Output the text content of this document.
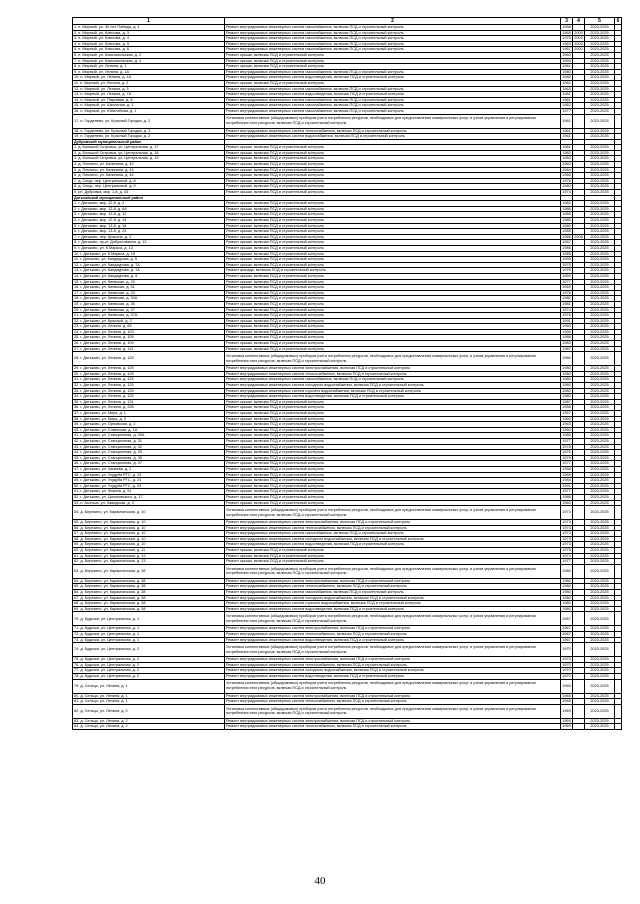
1	2	3	4	5	6
1. п. Мирный, ул. 30 лет Победы, д. 1	Ремонт внутридомовых инженерных систем газоснабжения, включая ПСД и строительный контроль	1958		2023-2025	
2. п. Мирный, ул. Клюсова, д. 3	Ремонт внутридомовых инженерных систем газоснабжения, включая ПСД и строительный контроль	1965	2003	2023-2025	
3. п. Мирный, ул. Клюсова, д. 4	Ремонт внутридомовых инженерных систем газоснабжения, включая ПСД и строительный контроль	1975	2002	2023-2025	
4. п. Мирный, ул. Клюсова, д. 5	Ремонт внутридомовых инженерных систем газоснабжения, включая ПСД и строительный контроль	1963	2003	2023-2025	
5. п. Мирный, ул. Клюсова, д. 6	Ремонт внутридомовых инженерных систем газоснабжения, включая ПСД и строительный контроль	1967	2002	2023-2025	
6. п. Мирный, ул. Комсомольская, д. 2	Ремонт крыши, включая ПСД и строительный контроль	1960		2023-2025	
7. п. Мирный, ул. Комсомольская, д. 4	Ремонт крыши, включая ПСД и строительный контроль	1959		2023-2025	
8. п. Мирный, ул. Ленина, д. 1	Ремонт крыши, включая ПСД и строительный контроль	1961		2023-2025	
9. п. Мирный, ул. Ленина, д. 1А	Ремонт внутридомовых инженерных систем газоснабжения, включая ПСД и строительный контроль	1980		2023-2025	
10. п. Мирный, ул. Ленина, д. 1А	Ремонт внутридомовых инженерных систем водоотведения, включая ПСД и строительный контроль	1980		2023-2025	
11. п. Мирный, ул. Ленина, д. 2	Ремонт крыши, включая ПСД и строительный контроль	1962		2023-2025	
12. п. Мирный, ул. Ленина, д. 5	Ремонт внутридомовых инженерных систем газоснабжения, включая ПСД и строительный контроль	1963		2023-2025	
13. п. Мирный, ул. Ленина, д. 7А	Ремонт внутридомовых инженерных систем водоотведения, включая ПСД и строительный контроль	1981		2023-2025	
14. п. Мирный, ул. Парковая, д. 8	Ремонт внутридомовых инженерных систем газоснабжения, включая ПСД и строительный контроль	1961		2023-2025	
15. п. Мирный, ул. Школьная, д. 1	Ремонт внутридомовых инженерных систем газоснабжения, включая ПСД и строительный контроль	1962		2023-2025	
16. п. Мирный, ул. Юбилейная, д. 1	Ремонт внутридомовых инженерных систем газоснабжения, включая ПСД и строительный контроль	1977		2023-2025	
17. п. Горденево, ул. Красный Городок, д. 2	Установка коллективных (общедомовых) приборов учета потребления ресурсов, необходимых для предоставления коммунальных услуг, и узлов управления и регулирования потребления этих ресурсов, включая ПСД и строительный контроль	1961		2023-2025	
18. п. Горденево, ул. Красный Городок, д. 2	Ремонт внутридомовых инженерных систем теплоснабжения, включая ПСД и строительный контроль	1961		2023-2025	
19. п. Горденево, ул. Красный Городок, д. 2	Ремонт внутридомовых инженерных систем водоснабжения, включая ПСД и строительный контроль	1961		2023-2025	
Дубровский муниципальный район					
1. д. Большой Островок, ул. Центральная, д. 17	Ремонт крыши, включая ПСД и строительный контроль	1981		2023-2025	
2. д. Большой Островок, ул. Центральная, д. 18	Ремонт крыши, включая ПСД и строительный контроль	1982		2023-2025	
3. д. Большой Островок, ул. Центральная, д. 19	Ремонт крыши, включая ПСД и строительный контроль	1983		2023-2025	
4. д. Пеклино, ул. Калинина, д. 42	Ремонт крыши, включая ПСД и строительный контроль	1960		2023-2025	
5. д. Пеклино, ул. Калинина, д. 43	Ремонт крыши, включая ПСД и строительный контроль	1964		2023-2025	
6. д. Пеклино, ул. Калинина, д. 44	Ремонт крыши, включая ПСД и строительный контроль	1966		2023-2025	
7. д. Сещь, пер. Центральный, д. 8	Ремонт крыши, включая ПСД и строительный контроль	1978		2023-2025	
8. д. Сещь, пер. Центральный, д. 9	Ремонт крыши, включая ПСД и строительный контроль	1980		2023-2025	
9. рп. Дубровка, мкр. 1-й, д. 43	Ремонт крыши, включая ПСД и строительный контроль	1974		2023-2025	
Дятьковский муниципальный район					
1. г. Дятьково, мкр. 12-й, д. 2	Ремонт крыши, включая ПСД и строительный контроль	1982		2023-2025	
2. г. Дятьково, мкр. 12-й, д. 6А	Ремонт крыши, включая ПСД и строительный контроль	1986		2023-2025	
3. г. Дятьково, мкр. 12-й, д. 12	Ремонт крыши, включая ПСД и строительный контроль	1986		2023-2025	
4. г. Дятьково, мкр. 12-й, д. 14	Ремонт крыши, включая ПСД и строительный контроль	1985		2023-2025	
5. г. Дятьково, мкр. 13-й, д. 18	Ремонт крыши, включая ПСД и строительный контроль	1980		2023-2025	
6. г. Дятьково, мкр. 13-й, д. 23	Ремонт крыши, включая ПСД и строительный контроль	1985		2023-2025	
7. г. Дятьково, пер. Красина, д. 2	Ремонт крыши, включая ПСД и строительный контроль	1966	2008	2023-2025	
8. г. Дятьково, пр-кт. Доброславина, д. 12	Ремонт крыши, включая ПСД и строительный контроль	1957		2023-2025	
9. г. Дятьково, ул. К.Маркса, д. 13	Ремонт крыши, включая ПСД и строительный контроль	1986		2023-2025	
10. г. Дятьково, ул. К.Маркса, д. 15	Ремонт крыши, включая ПСД и строительный контроль	1985		2023-2025	
11. г. Дятьково, ул. Кандаурова, д. 5	Ремонт крыши, включая ПСД и строительный контроль	1993		2023-2025	
12. г. Дятьково, ул. Кандаурова, д. 7А	Ремонт крыши, включая ПСД и строительный контроль	1975		2023-2025	
13. г. Дятьково, ул. Кандаурова, д. 7А	Ремонт фасада, включая ПСД и строительный контроль	1976		2023-2025	
14. г. Дятьково, ул. Кандаурова, д. 9	Ремонт крыши, включая ПСД и строительный контроль	1959		2023-2025	
15. г. Дятьково, ул. Киевская, д. 29	Ремонт крыши, включая ПСД и строительный контроль	1977		2023-2025	
16. г. Дятьково, ул. Киевская, д. 31	Ремонт крыши, включая ПСД и строительный контроль	1969		2023-2025	
17. г. Дятьково, ул. Киевская, д. 33	Ремонт крыши, включая ПСД и строительный контроль	1978		2023-2025	
18. г. Дятьково, ул. Киевская, д. 33А	Ремонт крыши, включая ПСД и строительный контроль	1980		2023-2025	
19. г. Дятьково, ул. Киевская, д. 35	Ремонт крыши, включая ПСД и строительный контроль	1981		2023-2025	
20. г. Дятьково, ул. Киевская, д. 37	Ремонт крыши, включая ПСД и строительный контроль	1974		2023-2025	
21. г. Дятьково, ул. Киевская, д. 37А	Ремонт крыши, включая ПСД и строительный контроль	1976		2023-2025	
22. г. Дятьково, ул. Красный, д. 2	Ремонт крыши, включая ПСД и строительный контроль	1991		2023-2025	
23. г. Дятьково, ул. Ленина, д. 65	Ремонт крыши, включая ПСД и строительный контроль	1960		2023-2025	
24. г. Дятьково, ул. Ленина, д. 103	Ремонт крыши, включая ПСД и строительный контроль	1990		2023-2025	
25. г. Дятьково, ул. Ленина, д. 105	Ремонт крыши, включая ПСД и строительный контроль	1988		2023-2025	
26. г. Дятьково, ул. Ленина, д. 109	Ремонт крыши, включая ПСД и строительный контроль	1983		2023-2025	
27. г. Дятьково, ул. Ленина, д. 113	Ремонт крыши, включая ПСД и строительный контроль	1987		2023-2025	
28. г. Дятьково, ул. Ленина, д. 125	Установка коллективных (общедомовых) приборов учета потребления ресурсов, необходимых для предоставления коммунальных услуг, и узлов управления и регулирования потребления этих ресурсов, включая ПСД и строительный контроль	1980		2023-2025	
29. г. Дятьково, ул. Ленина, д. 125	Ремонт внутридомовых инженерных систем электроснабжения, включая ПСД и строительный контроль	1980		2023-2025	
30. г. Дятьково, ул. Ленина, д. 125	Ремонт внутридомовых инженерных систем теплоснабжения, включая ПСД и строительный контроль	1980		2023-2025	
31. г. Дятьково, ул. Ленина, д. 125	Ремонт внутридомовых инженерных систем газоснабжения, включая ПСД и строительный контроль	1980		2023-2025	
32. г. Дятьково, ул. Ленина, д. 125	Ремонт внутридомовых инженерных систем холодного водоснабжения, включая ПСД и строительный контроль	1980		2023-2025	
33. г. Дятьково, ул. Ленина, д. 125	Ремонт внутридомовых инженерных систем горячего водоснабжения, включая ПСД и строительный контроль	1980		2023-2025	
34. г. Дятьково, ул. Ленина, д. 125	Ремонт внутридомовых инженерных систем водоотведения, включая ПСД и строительный контроль	1980		2023-2025	
35. г. Дятьково, ул. Ленина, д. 131	Ремонт крыши, включая ПСД и строительный контроль	1987		2023-2025	
36. г. Дятьково, ул. Ленина, д. 228	Ремонт крыши, включая ПСД и строительный контроль	1958		2023-2025	
37. г. Дятьково, ул. Мира, д. 1	Ремонт крыши, включая ПСД и строительный контроль	1957		2023-2025	
38. г. Дятьково, ул. Мира, д. 3	Ремонт крыши, включая ПСД и строительный контроль	1960		2023-2025	
39. г. Дятьково, ул. Орловская, д. 2	Ремонт крыши, включая ПСД и строительный контроль	1963		2023-2025	
40. г. Дятьково, ул. Советская, д. 1А	Ремонт крыши, включая ПСД и строительный контроль	1960		2023-2025	
41. г. Дятьково, ул. Станционная, д. 30А	Ремонт крыши, включая ПСД и строительный контроль	1980		2023-2025	
42. г. Дятьково, ул. Станционная, д. 31	Ремонт крыши, включая ПСД и строительный контроль	1977		2023-2025	
43. г. Дятьково, ул. Станционная, д. 32	Ремонт крыши, включая ПСД и строительный контроль	1978		2023-2025	
44. г. Дятьково, ул. Станционная, д. 33	Ремонт крыши, включая ПСД и строительный контроль	1976		2023-2025	
45. г. Дятьково, ул. Станционная, д. 35	Ремонт крыши, включая ПСД и строительный контроль	1979		2023-2025	
46. г. Дятьково, ул. Станционная, д. 37	Ремонт крыши, включая ПСД и строительный контроль	1977		2023-2025	
47. г. Дятьково, ул. Чапаева, д. 2	Ремонт крыши, включая ПСД и строительный контроль	1958		2023-2025	
48. г. Дятьково, ул. Ухудуба РТС, д. 23	Ремонт крыши, включая ПСД и строительный контроль	1989		2023-2025	
49. г. Дятьково, ул. Ухудуба РТС, д. 24	Ремонт крыши, включая ПСД и строительный контроль	1984		2023-2025	
50. г. Дятьково, ул. Ухудуба РТС, д. 25	Ремонт крыши, включая ПСД и строительный контроль	1991		2023-2025	
51. г. Дятьково, ул. Фокина, д. 91	Ремонт крыши, включая ПСД и строительный контроль	1977		2023-2025	
52. г. Дятьково, ул. Циолковского, д. 17	Ремонт крыши, включая ПСД и строительный контроль	1986		2023-2025	
53. п. Бытошь, ул. Заводская, д. 3	Ремонт крыши, включая ПСД и строительный контроль	1960		2023-2025	
54. д. Березино, ул. Карамчичская, д. 10	Установка коллективных (общедомовых) приборов учета потребления ресурсов, необходимых для предоставления коммунальных услуг, и узлов управления и регулирования потребления этих ресурсов, включая ПСД и строительный контроль	1973		2023-2025	
55. д. Березино, ул. Карамчичская, д. 10	Ремонт внутридомовых инженерных систем электроснабжения, включая ПСД и строительный контроль	1973		2023-2025	
56. д. Березино, ул. Карамчичская, д. 10	Ремонт внутридомовых инженерных систем теплоснабжения, включая ПСД и строительный контроль	1973		2023-2025	
57. д. Березино, ул. Карамчичская, д. 10	Ремонт внутридомовых инженерных систем газоснабжения, включая ПСД и строительный контроль	1973		2023-2025	
58. д. Березино, ул. Карамчичская, д. 10	Ремонт внутридомовых инженерных систем холодного водоснабжения, включая ПСД и строительный контроль	1973		2023-2025	
59. д. Березино, ул. Карамчичская, д. 10	Ремонт внутридомовых инженерных систем водоотведения, включая ПСД и строительный контроль	1973		2023-2025	
60. д. Березино, ул. Карамчичская, д. 11	Ремонт крыши, включая ПСД и строительный контроль	1975		2023-2025	
61. д. Березино, ул. Карамчичская, д. 12	Ремонт крыши, включая ПСД и строительный контроль	1974		2023-2025	
62. д. Березино, ул. Карамчичская, д. 13	Ремонт крыши, включая ПСД и строительный контроль	1977		2023-2025	
63. д. Березино, ул. Карамчичская, д. 38	Установка коллективных (общедомовых) приборов учета потребления ресурсов, необходимых для предоставления коммунальных услуг, и узлов управления и регулирования потребления этих ресурсов, включая ПСД и строительный контроль	1980		2023-2025	
64. д. Березино, ул. Карамчичская, д. 38	Ремонт внутридомовых инженерных систем электроснабжения, включая ПСД и строительный контроль	1980		2023-2025	
65. д. Березино, ул. Карамчичская, д. 38	Ремонт внутридомовых инженерных систем теплоснабжения, включая ПСД и строительный контроль	1980		2023-2025	
66. д. Березино, ул. Карамчичская, д. 38	Ремонт внутридомовых инженерных систем газоснабжения, включая ПСД и строительный контроль	1980		2023-2025	
67. д. Березино, ул. Карамчичская, д. 38	Ремонт внутридомовых инженерных систем холодного водоснабжения, включая ПСД и строительный контроль	1980		2023-2025	
68. д. Березино, ул. Карамчичская, д. 38	Ремонт внутридомовых инженерных систем горячего водоснабжения, включая ПСД и строительный контроль	1980		2023-2025	
69. д. Березино, ул. Карамчичская, д. 38	Ремонт внутридомовых инженерных систем водоотведения, включая ПСД и строительный контроль	1980		2023-2025	
70. д. Будочки, ул. Центральная, д. 1	Установка коллективных (общедомовых) приборов учета потребления ресурсов, необходимых для предоставления коммунальных услуг, и узлов управления и регулирования потребления этих ресурсов, включая ПСД и строительный контроль	1967		2023-2025	
71. д. Будочки, ул. Центральная, д. 1	Ремонт внутридомовых инженерных систем электроснабжения, включая ПСД и строительный контроль	1967		2023-2025	
72. д. Будочки, ул. Центральная, д. 1	Ремонт внутридомовых инженерных систем теплоснабжения, включая ПСД и строительный контроль	1967		2023-2025	
73. д. Будочки, ул. Центральная, д. 1	Ремонт внутридомовых инженерных систем водоотведения, включая ПСД и строительный контроль	1967		2023-2025	
74. д. Будочки, ул. Центральная, д. 2	Установка коллективных (общедомовых) приборов учета потребления ресурсов, необходимых для предоставления коммунальных услуг, и узлов управления и регулирования потребления этих ресурсов, включая ПСД и строительный контроль	1970		2023-2025	
75. д. Будочки, ул. Центральная, д. 2	Ремонт внутридомовых инженерных систем электроснабжения, включая ПСД и строительный контроль	1970		2023-2025	
76. д. Будочки, ул. Центральная, д. 2	Ремонт внутридомовых инженерных систем теплоснабжения, включая ПСД и строительный контроль	1970		2023-2025	
77. д. Будочки, ул. Центральная, д. 2	Ремонт внутридомовых инженерных систем холодного водоснабжения, включая ПСД и строительный контроль	1970		2023-2025	
78. д. Будочки, ул. Центральная, д. 2	Ремонт внутридомовых инженерных систем водоотведения, включая ПСД и строительный контроль	1970		2023-2025	
79. д. Сельцо, ул. Ленина, д. 1	Установка коллективных (общедомовых) приборов учета потребления ресурсов, необходимых для предоставления коммунальных услуг, и узлов управления и регулирования потребления этих ресурсов, включая ПСД и строительный контроль	1965		2023-2025	
80. д. Сельцо, ул. Ленина, д. 1	Ремонт внутридомовых инженерных систем электроснабжения, включая ПСД и строительный контроль	1965		2023-2025	
81. д. Сельцо, ул. Ленина, д. 1	Ремонт внутридомовых инженерных систем теплоснабжения, включая ПСД и строительный контроль	1965		2023-2025	
82. д. Сельцо, ул. Ленина, д. 2	Установка коллективных (общедомовых) приборов учета потребления ресурсов, необходимых для предоставления коммунальных услуг, и узлов управления и регулирования потребления этих ресурсов, включая ПСД и строительный контроль	1969		2023-2025	
83. д. Сельцо, ул. Ленина, д. 2	Ремонт внутридомовых инженерных систем электроснабжения, включая ПСД и строительный контроль	1969		2023-2025	
84. д. Сельцо, ул. Ленина, д. 2	Ремонт внутридомовых инженерных систем теплоснабжения, включая ПСД и строительный контроль	1969		2023-2025	
40
